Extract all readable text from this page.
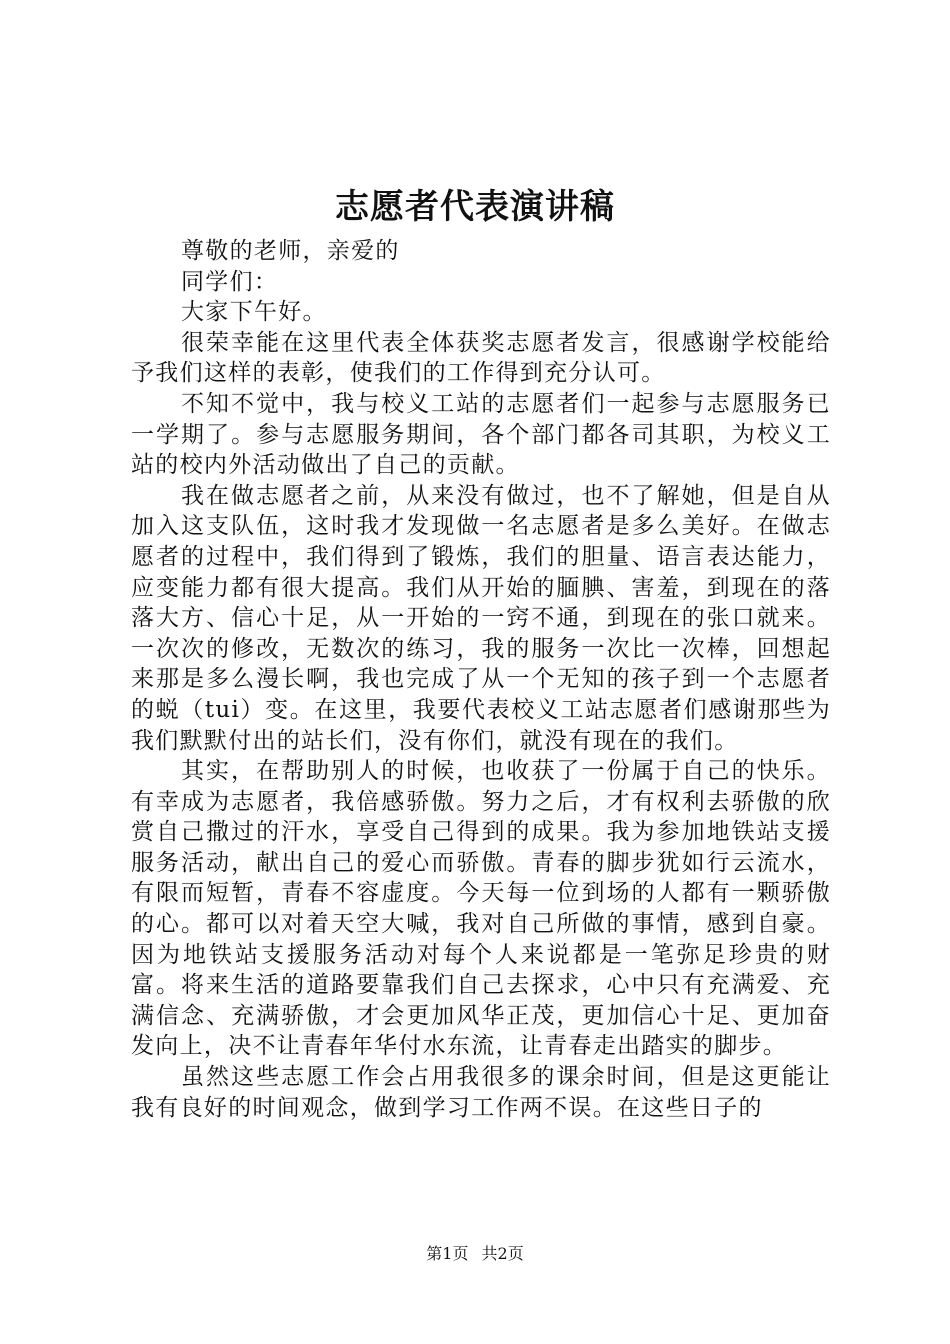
志愿者代表演讲稿

尊敬的老师，亲爱的

同学们：

大家下午好。

很荣幸能在这里代表全体获奖志愿者发言，很感谢学校能给予我们这样的表彰，使我们的工作得到充分认可。

不知不觉中，我与校义工站的志愿者们一起参与志愿服务已一学期了。参与志愿服务期间，各个部门都各司其职，为校义工站的校内外活动做出了自己的贡献。

我在做志愿者之前，从来没有做过，也不了解她，但是自从加入这支队伍，这时我才发现做一名志愿者是多么美好。在做志愿者的过程中，我们得到了锻炼，我们的胆量、语言表达能力，应变能力都有很大提高。我们从开始的腼腆、害羞，到现在的落落大方、信心十足，从一开始的一窍不通，到现在的张口就来。一次次的修改，无数次的练习，我的服务一次比一次棒，回想起来那是多么漫长啊，我也完成了从一个无知的孩子到一个志愿者的蜕（tui）变。在这里，我要代表校义工站志愿者们感谢那些为我们默默付出的站长们，没有你们，就没有现在的我们。

其实，在帮助别人的时候，也收获了一份属于自己的快乐。有幸成为志愿者，我倍感骄傲。努力之后，才有权利去骄傲的欣赏自己撒过的汗水，享受自己得到的成果。我为参加地铁站支援服务活动，献出自己的爱心而骄傲。青春的脚步犹如行云流水，有限而短暂，青春不容虚度。今天每一位到场的人都有一颗骄傲的心。都可以对着天空大喊，我对自己所做的事情，感到自豪。因为地铁站支援服务活动对每个人来说都是一笔弥足珍贵的财富。将来生活的道路要靠我们自己去探求，心中只有充满爱、充满信念、充满骄傲，才会更加风华正茂，更加信心十足、更加奋发向上，决不让青春年华付水东流，让青春走出踏实的脚步。

虽然这些志愿工作会占用我很多的课余时间，但是这更能让我有良好的时间观念，做到学习工作两不误。在这些日子的

第1页 共2页
